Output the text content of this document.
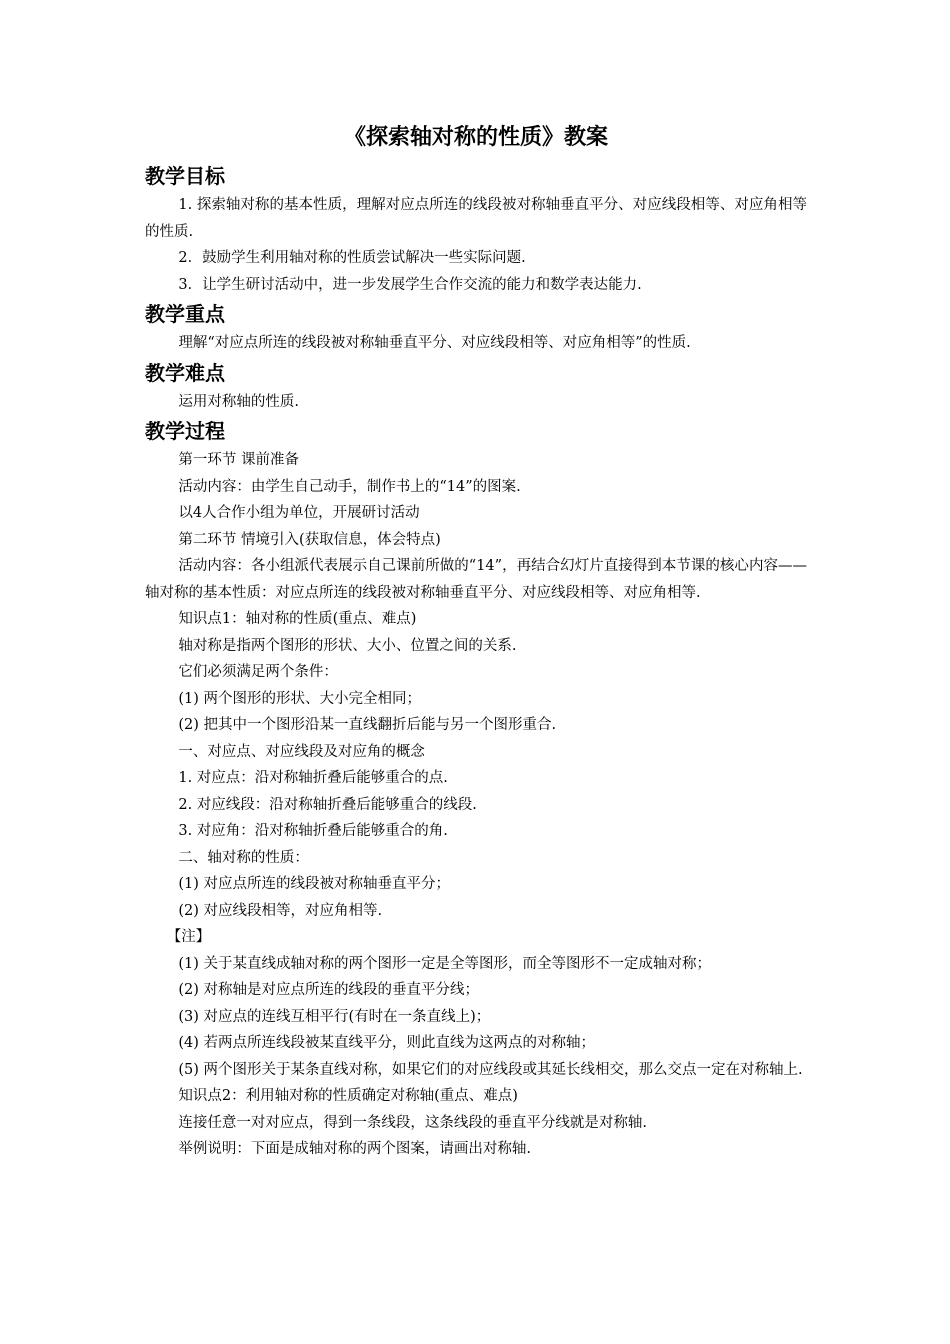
《探索轴对称的性质》教案
教学目标

1. 探索轴对称的基本性质，理解对应点所连的线段被对称轴垂直平分、对应线段相等、对应角相等的性质.

2．鼓励学生利用轴对称的性质尝试解决一些实际问题.

3．让学生研讨活动中，进一步发展学生合作交流的能力和数学表达能力.

教学重点

理解“对应点所连的线段被对称轴垂直平分、对应线段相等、对应角相等”的性质.

教学难点

运用对称轴的性质.

教学过程

第一环节 课前准备

活动内容：由学生自己动手，制作书上的“14”的图案.

以4人合作小组为单位，开展研讨活动

第二环节 情境引入(获取信息，体会特点)

活动内容：各小组派代表展示自己课前所做的“14”，再结合幻灯片直接得到本节课的核心内容——轴对称的基本性质：对应点所连的线段被对称轴垂直平分、对应线段相等、对应角相等.

知识点1：轴对称的性质(重点、难点)

轴对称是指两个图形的形状、大小、位置之间的关系.

它们必须满足两个条件：

(1) 两个图形的形状、大小完全相同；

(2) 把其中一个图形沿某一直线翻折后能与另一个图形重合.

一、对应点、对应线段及对应角的概念

1. 对应点：沿对称轴折叠后能够重合的点.

2. 对应线段：沿对称轴折叠后能够重合的线段.

3. 对应角：沿对称轴折叠后能够重合的角.

二、轴对称的性质：

(1) 对应点所连的线段被对称轴垂直平分；

(2) 对应线段相等，对应角相等.

【注】

(1) 关于某直线成轴对称的两个图形一定是全等图形，而全等图形不一定成轴对称；

(2) 对称轴是对应点所连的线段的垂直平分线；

(3) 对应点的连线互相平行(有时在一条直线上)；

(4) 若两点所连线段被某直线平分，则此直线为这两点的对称轴；

(5) 两个图形关于某条直线对称，如果它们的对应线段或其延长线相交，那么交点一定在对称轴上.

知识点2：利用轴对称的性质确定对称轴(重点、难点)

连接任意一对对应点，得到一条线段，这条线段的垂直平分线就是对称轴.

举例说明：下面是成轴对称的两个图案，请画出对称轴.
